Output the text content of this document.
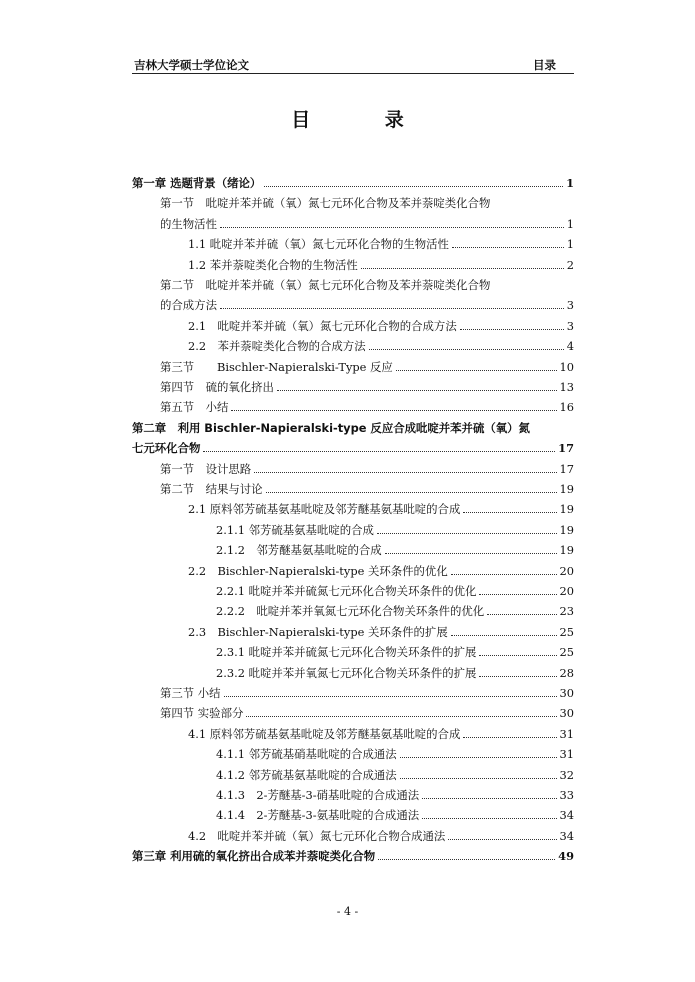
吉林大学硕士学位论文	目录
目 录
第一章 选题背景（绪论）	1
第一节　吡啶并苯并硫（氧）氮七元环化合物及苯并萘啶类化合物
的生物活性	1
1.1 吡啶并苯并硫（氧）氮七元环化合物的生物活性	1
1.2 苯并萘啶类化合物的生物活性	2
第二节　吡啶并苯并硫（氧）氮七元环化合物及苯并萘啶类化合物
的合成方法	3
2.1　吡啶并苯并硫（氧）氮七元环化合物的合成方法	3
2.2　苯并萘啶类化合物的合成方法	4
第三节　　Bischler-Napieralski-Type 反应	10
第四节　硫的氧化挤出	13
第五节　小结	16
第二章　利用 Bischler-Napieralski-type 反应合成吡啶并苯并硫（氧）氮
七元环化合物	17
第一节　设计思路	17
第二节　结果与讨论	19
2.1 原料邻芳硫基氨基吡啶及邻芳醚基氨基吡啶的合成	19
2.1.1 邻芳硫基氨基吡啶的合成	19
2.1.2　邻芳醚基氨基吡啶的合成	19
2.2　Bischler-Napieralski-type 关环条件的优化	20
2.2.1 吡啶并苯并硫氮七元环化合物关环条件的优化	20
2.2.2　吡啶并苯并氧氮七元环化合物关环条件的优化	23
2.3　Bischler-Napieralski-type 关环条件的扩展	25
2.3.1 吡啶并苯并硫氮七元环化合物关环条件的扩展	25
2.3.2 吡啶并苯并氧氮七元环化合物关环条件的扩展	28
第三节 小结	30
第四节 实验部分	30
4.1 原料邻芳硫基氨基吡啶及邻芳醚基氨基吡啶的合成	31
4.1.1 邻芳硫基硝基吡啶的合成通法	31
4.1.2 邻芳硫基氨基吡啶的合成通法	32
4.1.3　2-芳醚基-3-硝基吡啶的合成通法	33
4.1.4　2-芳醚基-3-氨基吡啶的合成通法	34
4.2　吡啶并苯并硫（氧）氮七元环化合物合成通法	34
第三章 利用硫的氧化挤出合成苯并萘啶类化合物	49
- 4 -
